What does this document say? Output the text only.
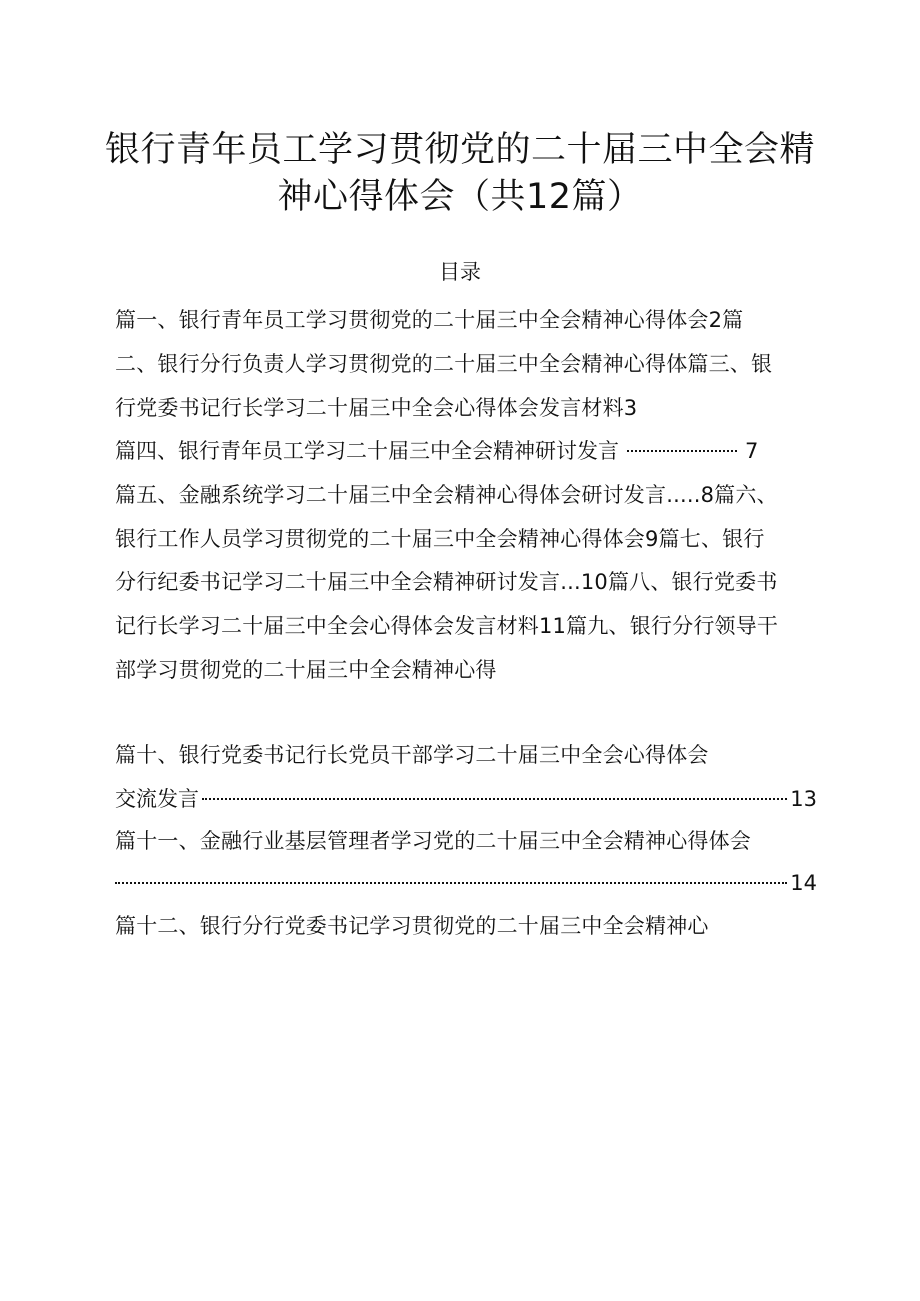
银行青年员工学习贯彻党的二十届三中全会精
神心得体会（共12篇）
目录
篇一、银行青年员工学习贯彻党的二十届三中全会精神心得体会2篇
二、银行分行负责人学习贯彻党的二十届三中全会精神心得体篇三、银
行党委书记行长学习二十届三中全会心得体会发言材料3
篇四、银行青年员工学习二十届三中全会精神研讨发言	7
篇五、金融系统学习二十届三中全会精神心得体会研讨发言.....8篇六、
银行工作人员学习贯彻党的二十届三中全会精神心得体会9篇七、银行
分行纪委书记学习二十届三中全会精神研讨发言...10篇八、银行党委书
记行长学习二十届三中全会心得体会发言材料11篇九、银行分行领导干
部学习贯彻党的二十届三中全会精神心得
篇十、银行党委书记行长党员干部学习二十届三中全会心得体会
交流发言	13
篇十一、金融行业基层管理者学习党的二十届三中全会精神心得体会
14
篇十二、银行分行党委书记学习贯彻党的二十届三中全会精神心
